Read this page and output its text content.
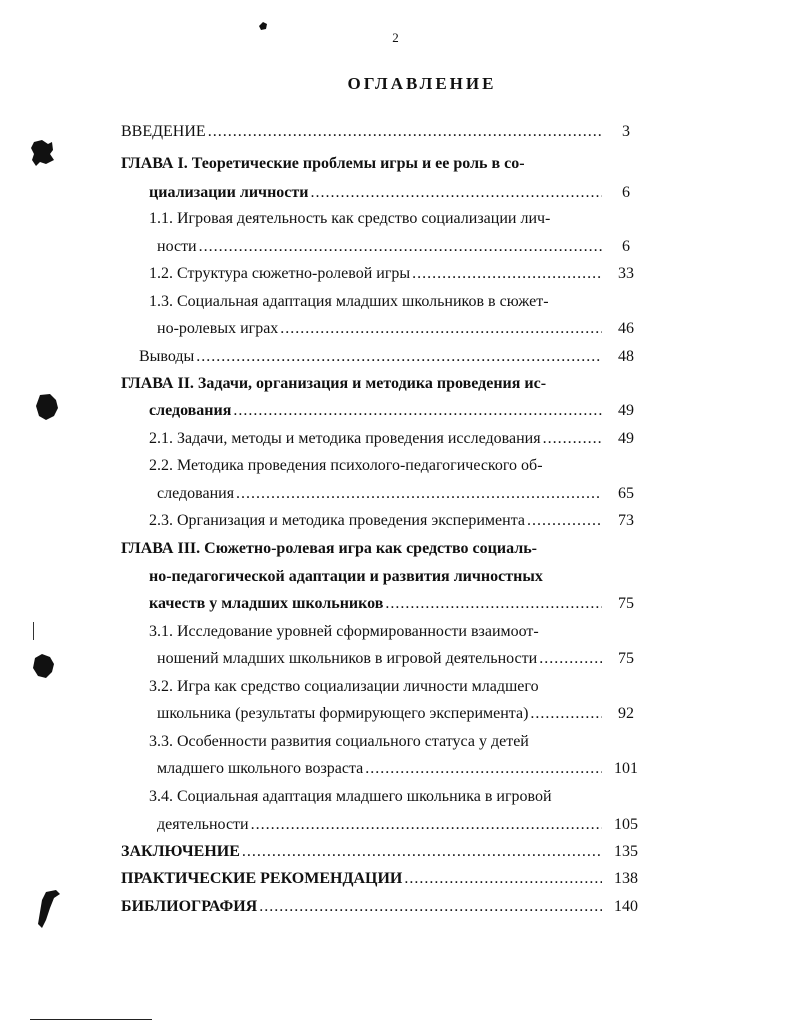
2
ОГЛАВЛЕНИЕ
ВВЕДЕНИЕ .....	3
ГЛАВА I. Теоретические проблемы игры и ее роль в со-
циализации личности .....	6
1.1. Игровая деятельность как средство социализации лич-
ности .....	6
1.2. Структура сюжетно-ролевой игры .....	33
1.3. Социальная адаптация младших школьников в сюжет-
но-ролевых играх .....	46
Выводы .....	48
ГЛАВА II. Задачи, организация и методика проведения ис-
следования .....	49
2.1. Задачи, методы и методика проведения исследования .....	49
2.2. Методика проведения психолого-педагогического об-
следования .....	65
2.3. Организация и методика проведения эксперимента .....	73
ГЛАВА III. Сюжетно-ролевая игра как средство социаль-
но-педагогической адаптации и развития личностных
качеств у младших школьников .....	75
3.1. Исследование уровней сформированности взаимоот-
ношений младших школьников в игровой деятельности .....	75
3.2. Игра как средство социализации личности младшего
школьника (результаты формирующего эксперимента) .....	92
3.3. Особенности развития социального статуса у детей
младшего школьного возраста .....	101
3.4. Социальная адаптация младшего школьника в игровой
деятельности .....	105
ЗАКЛЮЧЕНИЕ .....	135
ПРАКТИЧЕСКИЕ РЕКОМЕНДАЦИИ .....	138
БИБЛИОГРАФИЯ .....	140
